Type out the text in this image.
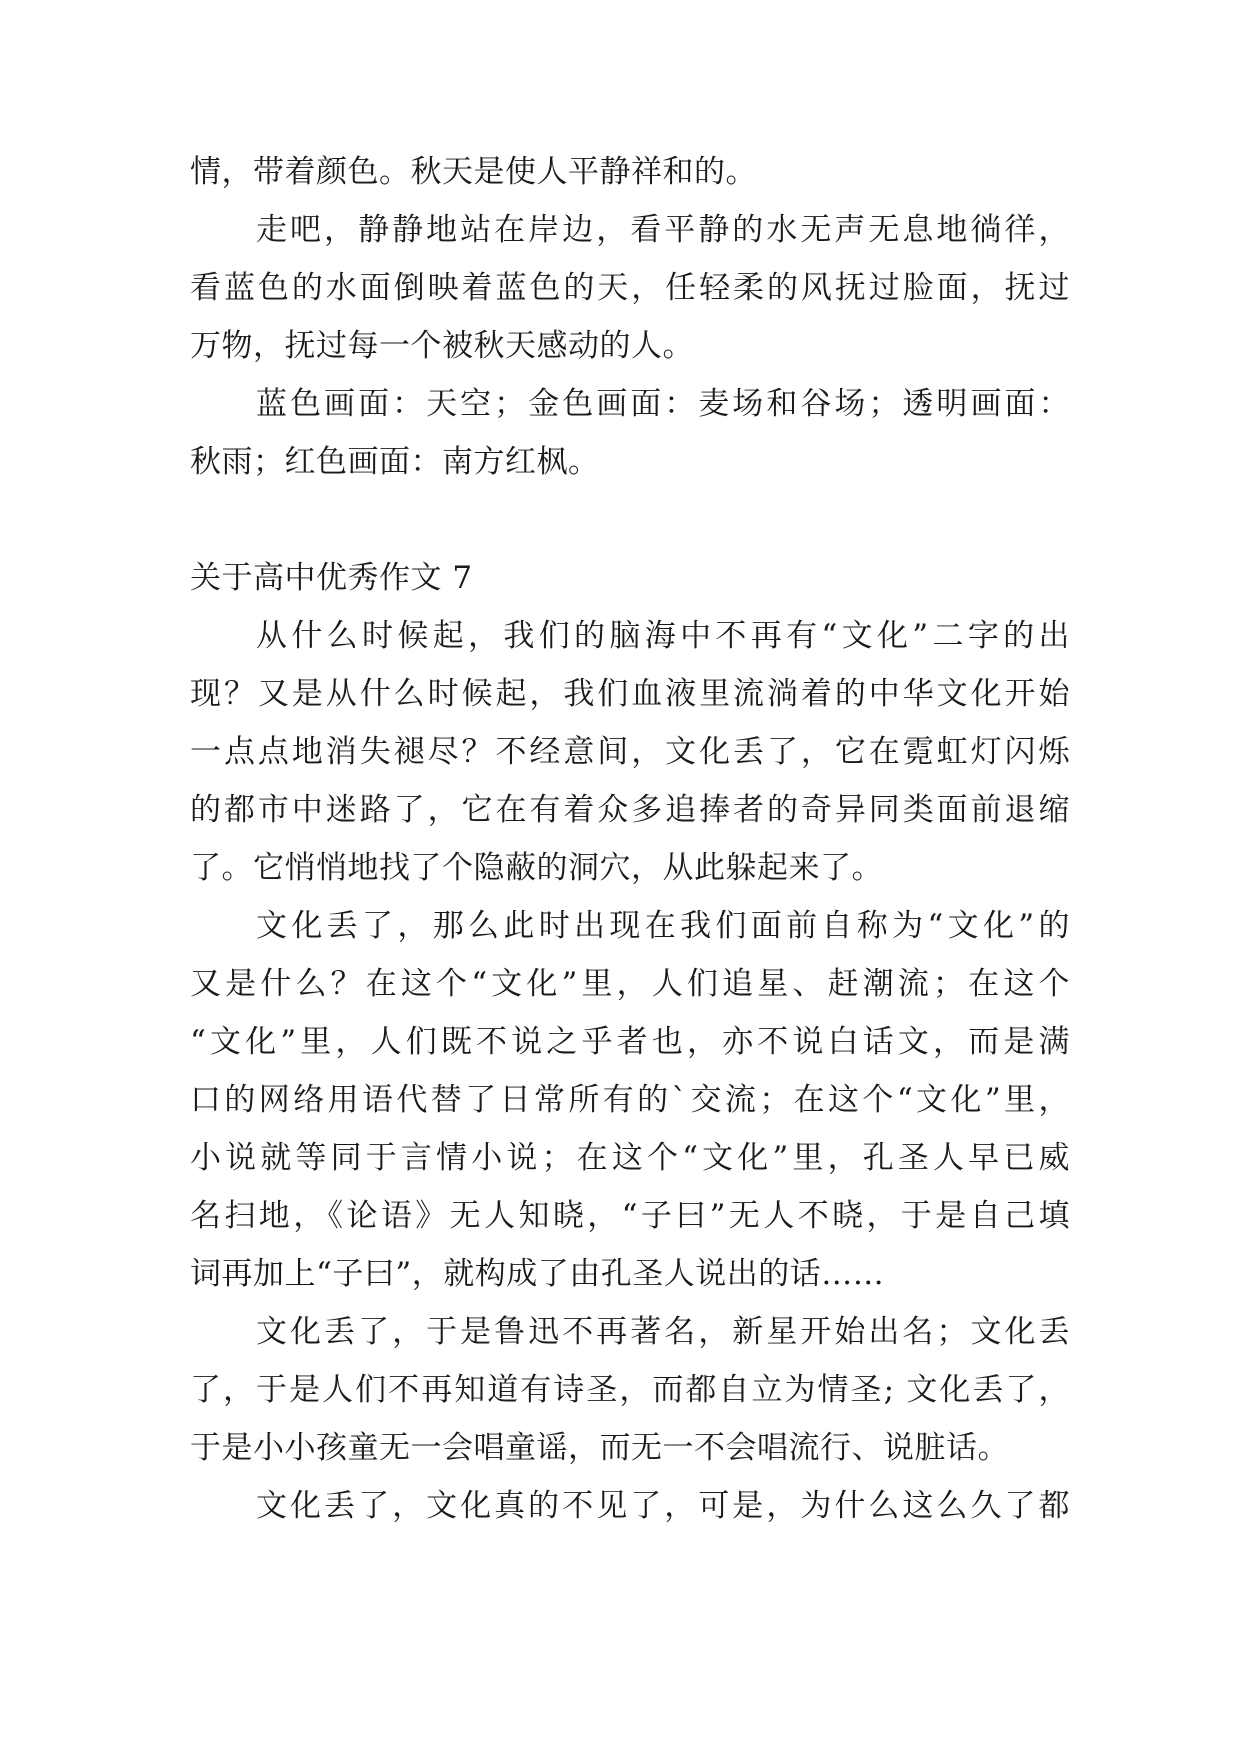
情，带着颜色。秋天是使人平静祥和的。
走吧，静静地站在岸边，看平静的水无声无息地徜徉，
看蓝色的水面倒映着蓝色的天，任轻柔的风抚过脸面，抚过
万物，抚过每一个被秋天感动的人。
蓝色画面：天空；金色画面：麦场和谷场；透明画面：
秋雨；红色画面：南方红枫。
关于高中优秀作文 7
从什么时候起，我们的脑海中不再有“文化”二字的出
现？又是从什么时候起，我们血液里流淌着的中华文化开始
一点点地消失褪尽？不经意间，文化丢了，它在霓虹灯闪烁
的都市中迷路了，它在有着众多追捧者的奇异同类面前退缩
了。它悄悄地找了个隐蔽的洞穴，从此躲起来了。
文化丢了，那么此时出现在我们面前自称为“文化”的
又是什么？在这个“文化”里，人们追星、赶潮流；在这个
“文化”里，人们既不说之乎者也，亦不说白话文，而是满
口的网络用语代替了日常所有的`交流；在这个“文化”里，
小说就等同于言情小说；在这个“文化”里，孔圣人早已威
名扫地，《论语》无人知晓，“子曰”无人不晓，于是自己填
词再加上“子曰”，就构成了由孔圣人说出的话……
文化丢了，于是鲁迅不再著名，新星开始出名；文化丢
了，于是人们不再知道有诗圣，而都自立为情圣; 文化丢了，
于是小小孩童无一会唱童谣，而无一不会唱流行、说脏话。
文化丢了，文化真的不见了，可是，为什么这么久了都
